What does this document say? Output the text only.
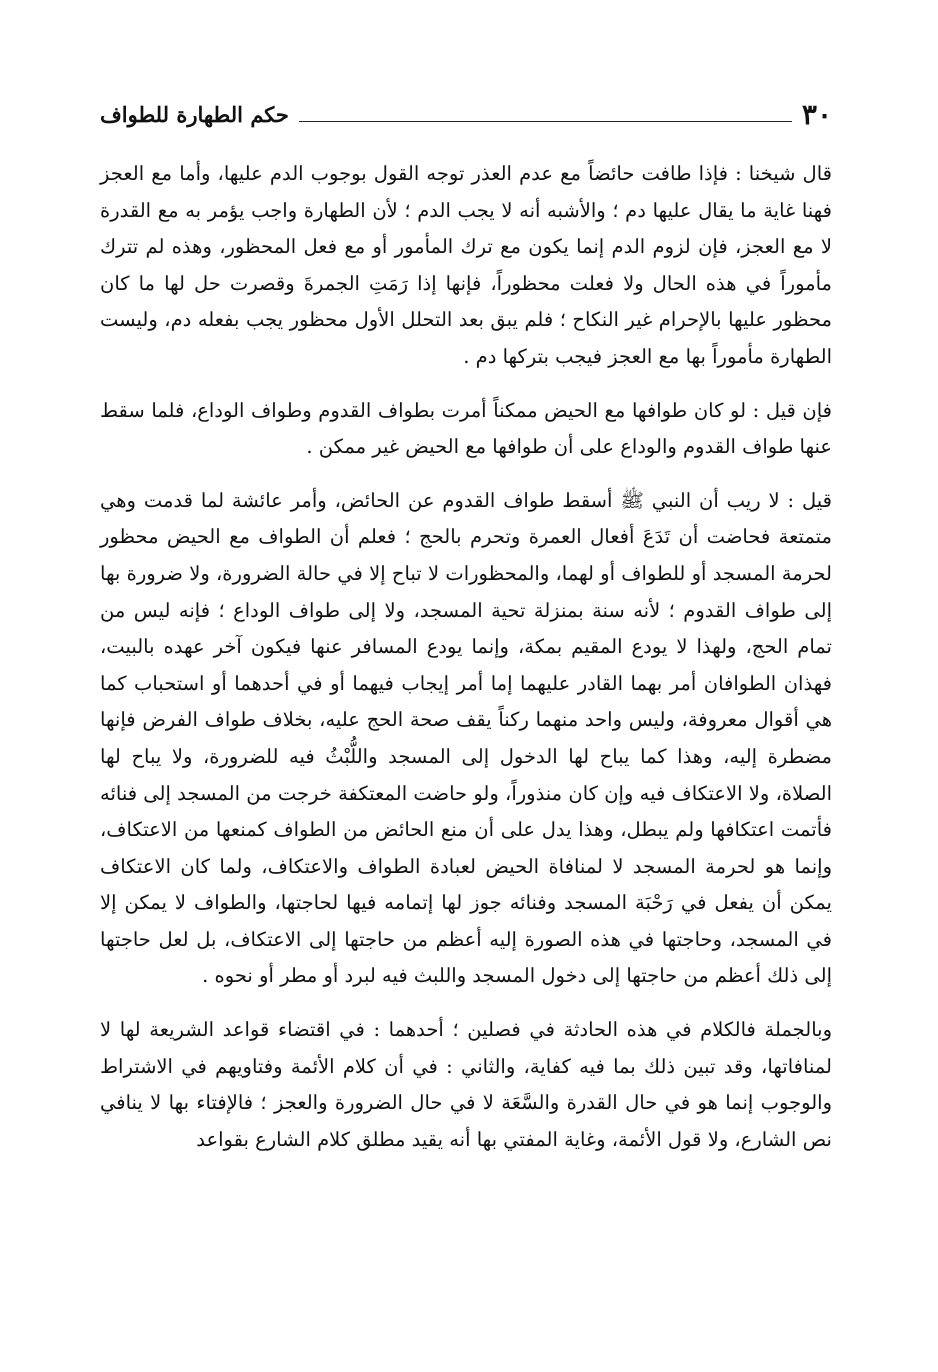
٣٠
حكم الطهارة للطواف

قال شيخنا : فإذا طافت حائضاً مع عدم العذر توجه القول بوجوب الدم عليها، وأما مع العجز فهنا غاية ما يقال عليها دم ؛ والأشبه أنه لا يجب الدم ؛ لأن الطهارة واجب يؤمر به مع القدرة لا مع العجز، فإن لزوم الدم إنما يكون مع ترك المأمور أو مع فعل المحظور، وهذه لم تترك مأموراً في هذه الحال ولا فعلت محظوراً، فإنها إذا رَمَتِ الجمرةَ وقصرت حل لها ما كان محظور عليها بالإحرام غير النكاح ؛ فلم يبق بعد التحلل الأول محظور يجب بفعله دم، وليست الطهارة مأموراً بها مع العجز فيجب بتركها دم .

فإن قيل : لو كان طوافها مع الحيض ممكناً أمرت بطواف القدوم وطواف الوداع، فلما سقط عنها طواف القدوم والوداع على أن طوافها مع الحيض غير ممكن .

قيل : لا ريب أن النبي ﷺ أسقط طواف القدوم عن الحائض، وأمر عائشة لما قدمت وهي متمتعة فحاضت أن تَدَعَ أفعال العمرة وتحرم بالحج ؛ فعلم أن الطواف مع الحيض محظور لحرمة المسجد أو للطواف أو لهما، والمحظورات لا تباح إلا في حالة الضرورة، ولا ضرورة بها إلى طواف القدوم ؛ لأنه سنة بمنزلة تحية المسجد، ولا إلى طواف الوداع ؛ فإنه ليس من تمام الحج، ولهذا لا يودع المقيم بمكة، وإنما يودع المسافر عنها فيكون آخر عهده بالبيت، فهذان الطوافان أمر بهما القادر عليهما إما أمر إيجاب فيهما أو في أحدهما أو استحباب كما هي أقوال معروفة، وليس واحد منهما ركناً يقف صحة الحج عليه، بخلاف طواف الفرض فإنها مضطرة إليه، وهذا كما يباح لها الدخول إلى المسجد واللُّبْثُ فيه للضرورة، ولا يباح لها الصلاة، ولا الاعتكاف فيه وإن كان منذوراً، ولو حاضت المعتكفة خرجت من المسجد إلى فنائه فأتمت اعتكافها ولم يبطل، وهذا يدل على أن منع الحائض من الطواف كمنعها من الاعتكاف، وإنما هو لحرمة المسجد لا لمنافاة الحيض لعبادة الطواف والاعتكاف، ولما كان الاعتكاف يمكن أن يفعل في رَحْبَة المسجد وفنائه جوز لها إتمامه فيها لحاجتها، والطواف لا يمكن إلا في المسجد، وحاجتها في هذه الصورة إليه أعظم من حاجتها إلى الاعتكاف، بل لعل حاجتها إلى ذلك أعظم من حاجتها إلى دخول المسجد واللبث فيه لبرد أو مطر أو نحوه .

وبالجملة فالكلام في هذه الحادثة في فصلين ؛ أحدهما : في اقتضاء قواعد الشريعة لها لا لمنافاتها، وقد تبين ذلك بما فيه كفاية، والثاني : في أن كلام الأئمة وفتاويهم في الاشتراط والوجوب إنما هو في حال القدرة والسَّعَة لا في حال الضرورة والعجز ؛ فالإفتاء بها لا ينافي نص الشارع، ولا قول الأئمة، وغاية المفتي بها أنه يقيد مطلق كلام الشارع بقواعد
